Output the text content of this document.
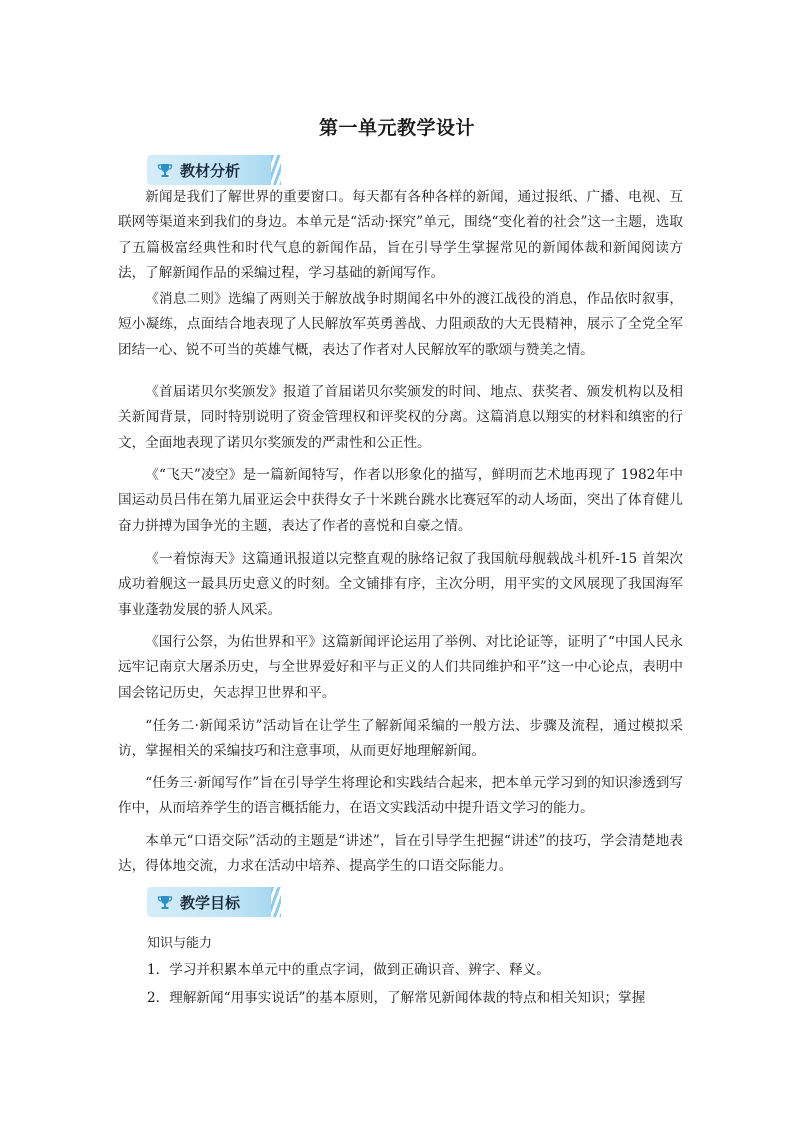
第一单元教学设计
教材分析

新闻是我们了解世界的重要窗口。每天都有各种各样的新闻，通过报纸、广播、电视、互联网等渠道来到我们的身边。本单元是“活动·探究”单元，围绕“变化着的社会”这一主题，选取了五篇极富经典性和时代气息的新闻作品，旨在引导学生掌握常见的新闻体裁和新闻阅读方法，了解新闻作品的采编过程，学习基础的新闻写作。

《消息二则》选编了两则关于解放战争时期闻名中外的渡江战役的消息，作品依时叙事，短小凝练，点面结合地表现了人民解放军英勇善战、力阻顽敌的大无畏精神，展示了全党全军团结一心、锐不可当的英雄气概，表达了作者对人民解放军的歌颂与赞美之情。

《首届诺贝尔奖颁发》报道了首届诺贝尔奖颁发的时间、地点、获奖者、颁发机构以及相关新闻背景，同时特别说明了资金管理权和评奖权的分离。这篇消息以翔实的材料和缜密的行文，全面地表现了诺贝尔奖颁发的严肃性和公正性。

《“飞天”凌空》是一篇新闻特写，作者以形象化的描写，鲜明而艺术地再现了 1982年中国运动员吕伟在第九届亚运会中获得女子十米跳台跳水比赛冠军的动人场面，突出了体育健儿奋力拼搏为国争光的主题，表达了作者的喜悦和自豪之情。

《一着惊海天》这篇通讯报道以完整直观的脉络记叙了我国航母舰载战斗机歼-15 首架次成功着舰这一最具历史意义的时刻。全文铺排有序，主次分明，用平实的文风展现了我国海军事业蓬勃发展的骄人风采。

《国行公祭，为佑世界和平》这篇新闻评论运用了举例、对比论证等，证明了“中国人民永远牢记南京大屠杀历史，与全世界爱好和平与正义的人们共同维护和平”这一中心论点，表明中国会铭记历史，矢志捍卫世界和平。

“任务二·新闻采访”活动旨在让学生了解新闻采编的一般方法、步骤及流程，通过模拟采访，掌握相关的采编技巧和注意事项，从而更好地理解新闻。

“任务三·新闻写作”旨在引导学生将理论和实践结合起来，把本单元学习到的知识渗透到写作中，从而培养学生的语言概括能力，在语文实践活动中提升语文学习的能力。

本单元“口语交际”活动的主题是“讲述”，旨在引导学生把握“讲述”的技巧，学会清楚地表达，得体地交流，力求在活动中培养、提高学生的口语交际能力。

教学目标

知识与能力

1．学习并积累本单元中的重点字词，做到正确识音、辨字、释义。

2．理解新闻“用事实说话”的基本原则，了解常见新闻体裁的特点和相关知识；掌握
